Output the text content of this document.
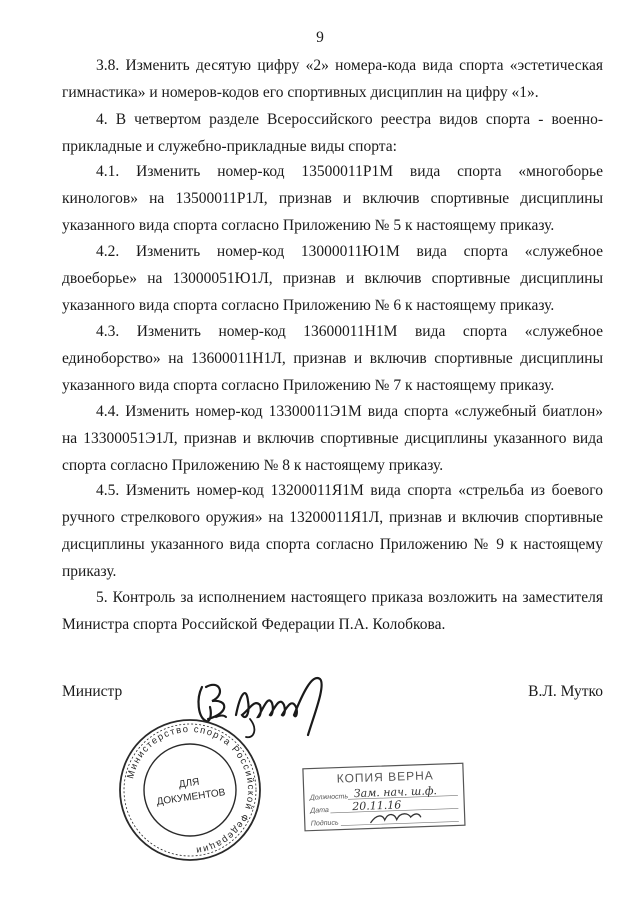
9

3.8. Изменить десятую цифру «2» номера-кода вида спорта «эстетическая гимнастика» и номеров-кодов его спортивных дисциплин на цифру «1».

4. В четвертом разделе Всероссийского реестра видов спорта - военно-прикладные и служебно-прикладные виды спорта:

4.1. Изменить номер-код 13500011Р1М вида спорта «многоборье кинологов» на 13500011Р1Л, признав и включив спортивные дисциплины указанного вида спорта согласно Приложению № 5 к настоящему приказу.

4.2. Изменить номер-код 13000011Ю1М вида спорта «служебное двоеборье» на 13000051Ю1Л, признав и включив спортивные дисциплины указанного вида спорта согласно Приложению № 6 к настоящему приказу.

4.3. Изменить номер-код 13600011Н1М вида спорта «служебное единоборство» на 13600011Н1Л, признав и включив спортивные дисциплины указанного вида спорта согласно Приложению № 7 к настоящему приказу.

4.4. Изменить номер-код 13300011Э1М вида спорта «служебный биатлон» на 13300051Э1Л, признав и включив спортивные дисциплины указанного вида спорта согласно Приложению № 8 к настоящему приказу.

4.5. Изменить номер-код 13200011Я1М вида спорта «стрельба из боевого ручного стрелкового оружия» на 13200011Я1Л, признав и включив спортивные дисциплины указанного вида спорта согласно Приложению № 9 к настоящему приказу.

5. Контроль за исполнением настоящего приказа возложить на заместителя Министра спорта Российской Федерации П.А. Колобкова.

Министр	В.Л. Мутко
Министерство спорта Российской Федерации
ДЛЯ
ДОКУМЕНТОВ
КОПИЯ ВЕРНА
Должность Зам. нач. ш.ф.
Дата 20.11.16
Подпись
